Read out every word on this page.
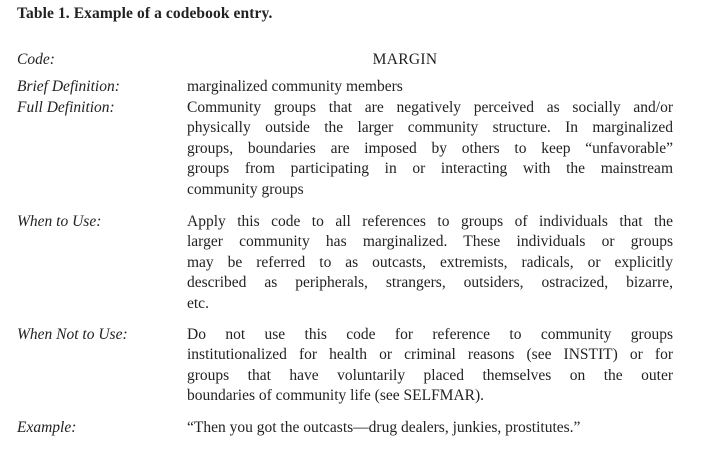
Table 1. Example of a codebook entry.
Code:	MARGIN
Brief Definition:	marginalized community members
Full Definition:	Community groups that are negatively perceived as socially and/or
physically outside the larger community structure. In marginalized
groups, boundaries are imposed by others to keep “unfavorable”
groups from participating in or interacting with the mainstream
community groups
When to Use:	Apply this code to all references to groups of individuals that the
larger community has marginalized. These individuals or groups
may be referred to as outcasts, extremists, radicals, or explicitly
described as peripherals, strangers, outsiders, ostracized, bizarre,
etc.
When Not to Use:	Do not use this code for reference to community groups
institutionalized for health or criminal reasons (see INSTIT) or for
groups that have voluntarily placed themselves on the outer
boundaries of community life (see SELFMAR).
Example:	“Then you got the outcasts—drug dealers, junkies, prostitutes.”
